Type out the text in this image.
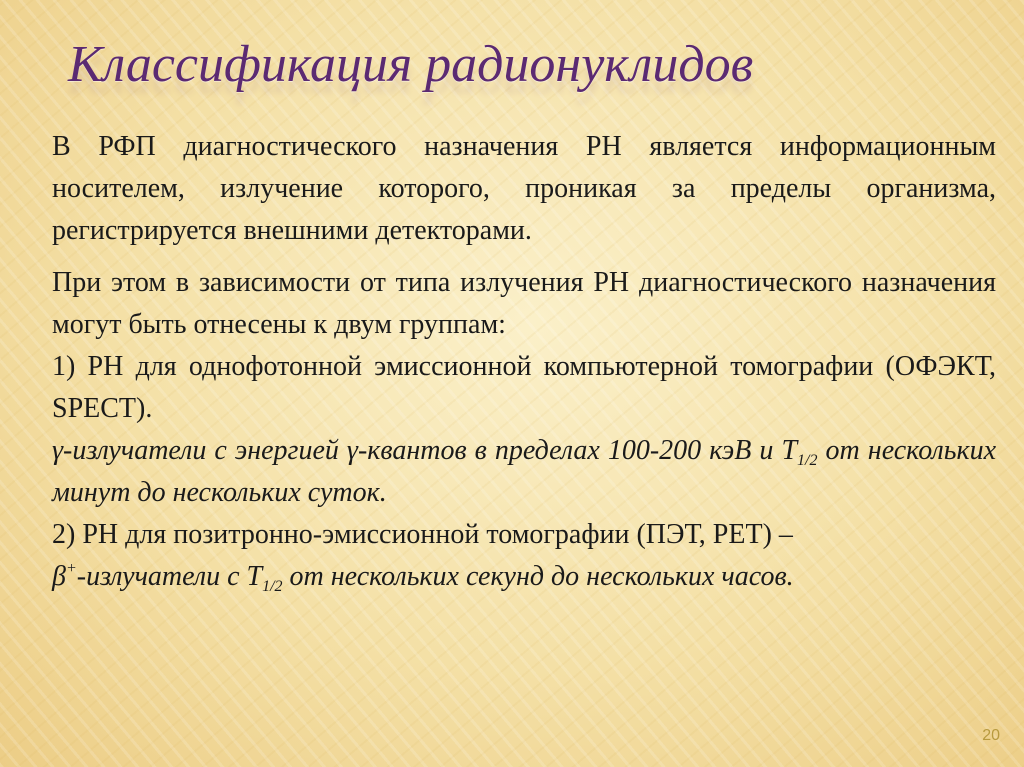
Классификация радионуклидов

В РФП диагностического назначения РН является информационным носителем, излучение которого, проникая за пределы организма, регистрируется внешними детекторами.

При этом в зависимости от типа излучения РН диагностического назначения могут быть отнесены к двум группам:
1) РН для однофотонной эмиссионной компьютерной томографии (ОФЭКТ, SPECT).
γ-излучатели с энергией γ-квантов в пределах 100-200 кэВ и $Т_{1/2}$ от нескольких минут до нескольких суток.
2) РН для позитронно-эмиссионной томографии (ПЭТ, PET) –
β+-излучатели с $Т_{1/2}$ от нескольких секунд до нескольких часов.
20
